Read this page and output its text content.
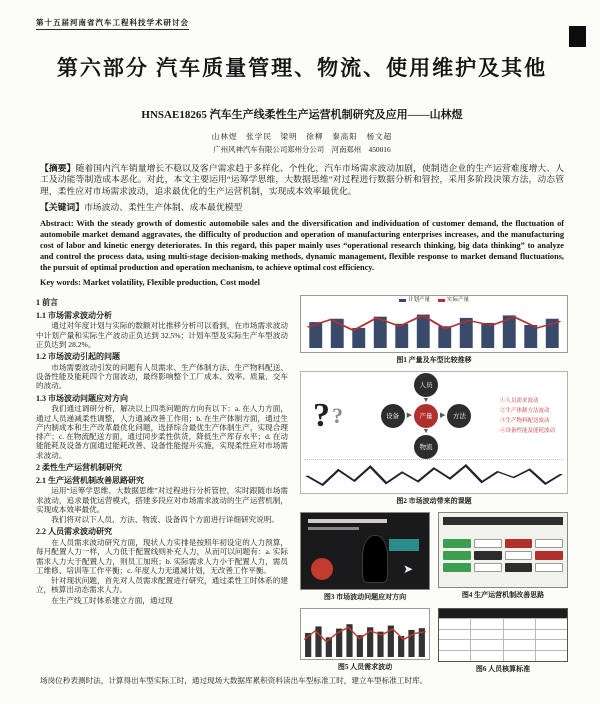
第十五届河南省汽车工程科技学术研讨会
第六部分 汽车质量管理、物流、使用维护及其他
HNSAE18265 汽车生产线柔性生产运营机制研究及应用——山林煜
山林煜　张学民　梁明　徐柳　秦高阳　杨文超
广州风神汽车有限公司郑州分公司　河南郑州　450016

【摘要】随着国内汽车销量增长不稳以及客户需求趋于多样化、个性化，汽车市场需求波动加剧，使制造企业的生产运营难度增大、人工及动能等制造成本恶化。对此，本文主要运用“运筹学思维，大数据思维”对过程进行数据分析和管控，采用多阶段决策方法，动态管理，柔性应对市场需求波动，追求最优化的生产运营机制，实现成本效率最优化。

【关键词】市场波动、柔性生产体制、成本最优模型

Abstract: With the steady growth of domestic automobile sales and the diversification and individuation of customer demand, the fluctuation of automobile market demand aggravates, the difficulty of production and operation of manufacturing enterprises increases, and the manufacturing cost of labor and kinetic energy deteriorates. In this regard, this paper mainly uses “operational research thinking, big data thinking” to analyze and control the process data, using multi-stage decision-making methods, dynamic management, flexible response to market demand fluctuations, the pursuit of optimal production and operation mechanism, to achieve optimal cost efficiency.

Key words: Market volatility, Flexible production, Cost model

1 前言
1.1 市场需求波动分析

通过对年度计划与实际的数额对比推移分析可以看到，在市场需求波动中计划产量和实际生产波动正负达到 32.5%；计划车型及实际生产车型波动正负达到 28.2%。

1.2 市场波动引起的问题

市场需要波动引发的问题有人员需求、生产体制方法、生产物料配送、设备性能及能耗四个方面波动，最终影响整个工厂成本、效率、质量、交车的波动。

1.3 市场波动问题应对方向

我们通过调研分析，解决以上四类问题的方向有以下：a. 在人力方面，通过人员递减柔性调整，人力通减改善工作用；b. 在生产体制方面，通过生产内制成本和生产改革最优化问题，选择综合最优生产体制生产，实现合理排产；c. 在物流配送方面，通过同步柔性供货，降低生产库存水平；d. 在动能能耗及设备方面通过能耗改善、设备性能提升实施，实现柔性应对市场需求波动。

2 柔性生产运营机制研究
2.1 生产运营机制改善思路研究

运用“运筹学思维、大数据思维”对过程进行分析管控，实时跟随市场需求波动，追求最优运营模式，搭建多段应对市场需求波动的生产运营机制，实现成本效率最优。

我们将对以下人员、方法、物流、设备四个方面进行详细研究说明。

2.2 人员需求波动研究

在人员需求波动研究方面，现状人力实排是按照年初设定的人力预算，每月配置人力一样，人力低于配置线则补充人力，从而可以问题有：a. 实际需求人力大于配置人力，则员工加班；b. 实际需求人力小于配置人力，需员工维修、培训等工作平衡；c. 年度人力无通减计划，无改善工作平衡。

针对现状问题，首先对人员需求配置进行研究，通过柔性工时体系的建立，核算出动态需求人力。

在生产线工时体系建立方面，通过现

计划产量	实际产量
图1 产量及车型比较推移
? ?
人员
▼
设备	▶	产量	▶	方法
▼
物流
①人员需求波动
②生产体制方法波动
③生产物料配送波动
④设备性能及能耗波动
图2 市场波动带来的课题
➤
图3 市场波动问题应对方向	图4 生产运营机制改善思路
图5 人员需求波动	图6 人员核算标准

场岗位秒表测时法，计算得出车型实际工时，通过现场大数据库累积资料读出车型标准工时，建立车型标准工时库。
